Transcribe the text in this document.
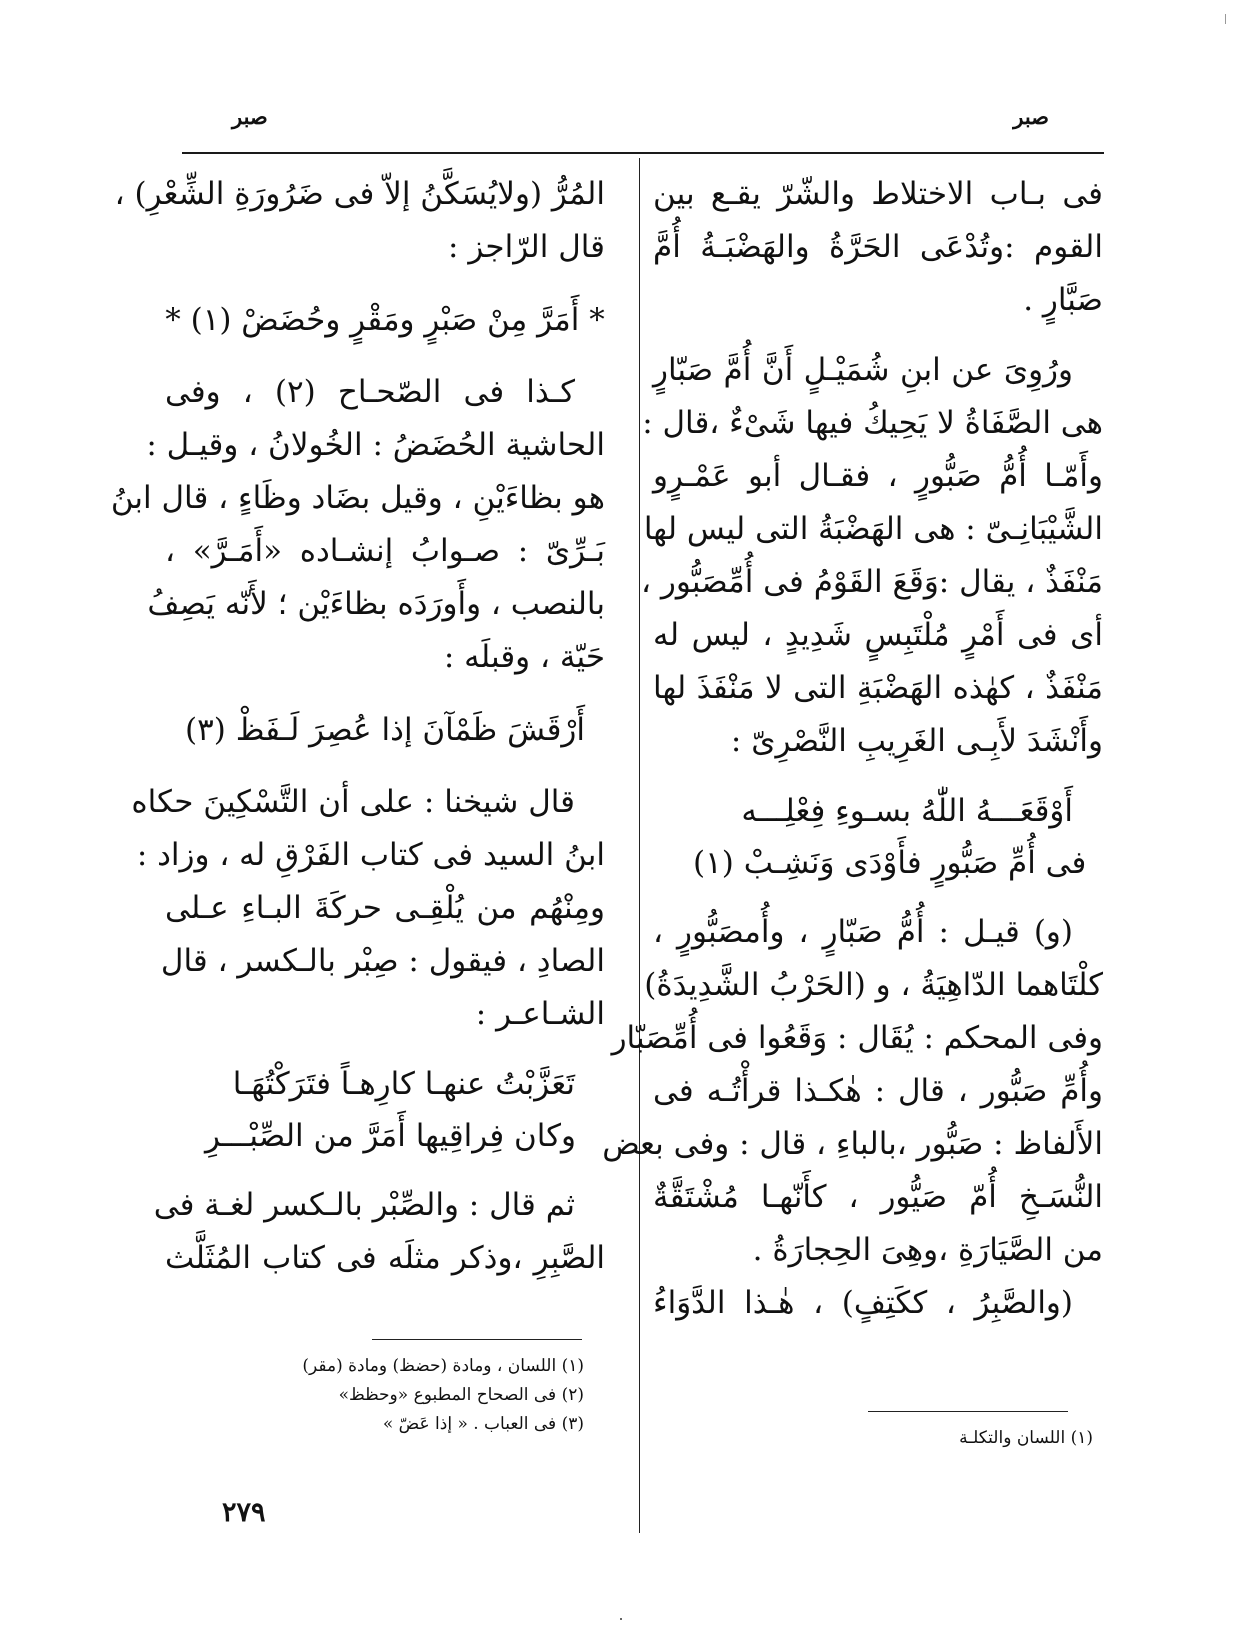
صبر
صبر
فى بـاب الاختلاط والشّرّ يقـع بين
القوم :وتُدْعَى الحَرَّةُ والهَضْبَـةُ أُمَّ
صَبَّارٍ .
ورُوِىَ عن ابنِ شُمَيْـلٍ أَنَّ أُمَّ صَبّارٍ
هى الصَّفَاةُ لا يَحِيكُ فيها شَىْءٌ ،قال :
وأَمّـا أُمُّ صَبُّورٍ ، فقـال أبو عَمْـرٍو
الشَّيْبَانِـىّ : هى الهَضْبَةُ التى ليس لها
مَنْفَذٌ ، يقال :وَقَعَ القَوْمُ فى أُمِّصَبُّور ،
أى فى أَمْرٍ مُلْتَبِسٍ شَدِيدٍ ، ليس له
مَنْفَذٌ ، كهٰذه الهَضْبَةِ التى لا مَنْفَذَ لها
وأَنْشَدَ لأَبِـى الغَرِيبِ النَّصْرِىّ :
أَوْقَعَـــهُ اللّٰهُ بسـوءِ فِعْلِـــه
فى أُمِّ صَبُّورٍ فأَوْدَى وَنَشِـبْ (١)
(و) قيـل : أُمُّ صَبّارٍ ، وأُمصَبُّورٍ ،
كلْتَاهما الدّاهِيَةُ ، و (الحَرْبُ الشَّدِيدَةُ)
وفى المحكم : يُقَال : وَقَعُوا فى أُمِّصَبّار
وأُمِّ صَبُّور ، قال : هٰكـذا قرأْتُـه فى
الأَلفاظ : صَبُّور ،بالباءِ ، قال : وفى بعض
النُّسَـخِ أُمّ صَيُّور ، كأَنّهـا مُشْتَقَّةٌ
من الصَّيَارَةِ ،وهِىَ الحِجارَةُ .
(والصَّبِرُ ، ككَتِفٍ) ، هٰـذا الدَّوَاءُ
المُرُّ (ولايُسَكَّنُ إلاّ فى ضَرُورَةِ الشِّعْرِ) ،
قال الرّاجز :
* أَمَرَّ مِنْ صَبْرٍ ومَقْرٍ وحُضَضْ (١) *
كـذا فى الصّحـاح (٢) ، وفى
الحاشية الحُضَضُ : الخُولانُ ، وقيـل :
هو بظاءَيْنِ ، وقيل بضَاد وظَاءٍ ، قال ابنُ
بَـرِّىّ : صـوابُ إنشـاده «أَمَـرَّ» ،
بالنصب ، وأَورَدَه بظاءَيْن ؛ لأَنّه يَصِفُ
حَيّة ، وقبلَه :
أَرْقَشَ ظَمْآنَ إذا عُصِرَ لَـفَظْ (٣)
قال شيخنا : على أن التَّسْكِينَ حكاه
ابنُ السيد فى كتاب الفَرْقِ له ، وزاد :
ومِنْهُم من يُلْقِـى حركَةَ البـاءِ عـلى
الصادِ ، فيقول : صِبْر بالـكسر ، قال
الشـاعـر :
تَعَزَّبْتُ عنهـا كارِهـاً فتَرَكْتُهَـا
وكان فِراقِيها أَمَرَّ من الصِّبْـــرِ
ثم قال : والصِّبْر بالـكسر لغـة فى
الصَّبِرِ ،وذكر مثلَه فى كتاب المُثَلَّث
(١) اللسان ، ومادة (حضظ) ومادة (مقر)
(٢) فى الصحاح المطبوع «وحظظ»
(٣) فى العباب . « إذا عَضّ »
(١) اللسان والتكلـة
٢٧٩
